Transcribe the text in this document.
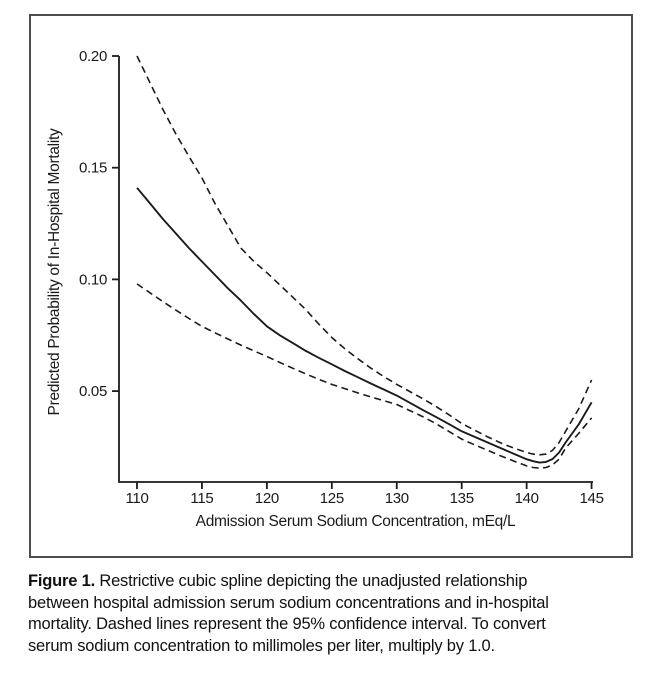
0.20
0.15
0.10
0.05
110	115	120	125	130	135	140	145
Predicted Probability of In-Hospital Mortality
Admission Serum Sodium Concentration, mEq/L
Figure 1. Restrictive cubic spline depicting the unadjusted relationship
between hospital admission serum sodium concentrations and in-hospital
mortality. Dashed lines represent the 95% confidence interval. To convert
serum sodium concentration to millimoles per liter, multiply by 1.0.
